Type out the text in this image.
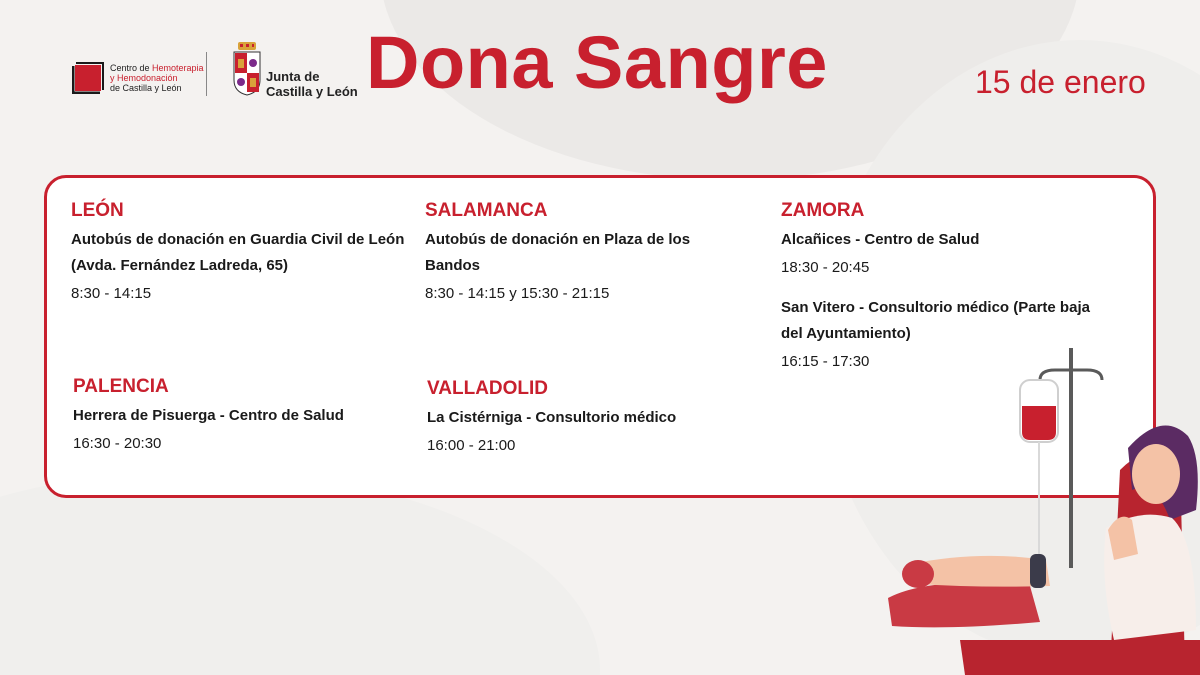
Centro de Hemoterapia
y Hemodonación
de Castilla y León
Junta de
Castilla y León Dona Sangre	15 de enero
LEÓN
Autobús de donación en Guardia Civil de León (Avda. Fernández Ladreda, 65)
8:30 - 14:15
SALAMANCA
Autobús de donación en Plaza de los Bandos
8:30 - 14:15 y 15:30 - 21:15
ZAMORA
Alcañices - Centro de Salud
18:30 - 20:45
San Vitero - Consultorio médico (Parte baja del Ayuntamiento)
16:15 - 17:30
PALENCIA
Herrera de Pisuerga - Centro de Salud
16:30 - 20:30
VALLADOLID
La Cistérniga - Consultorio médico
16:00 - 21:00
